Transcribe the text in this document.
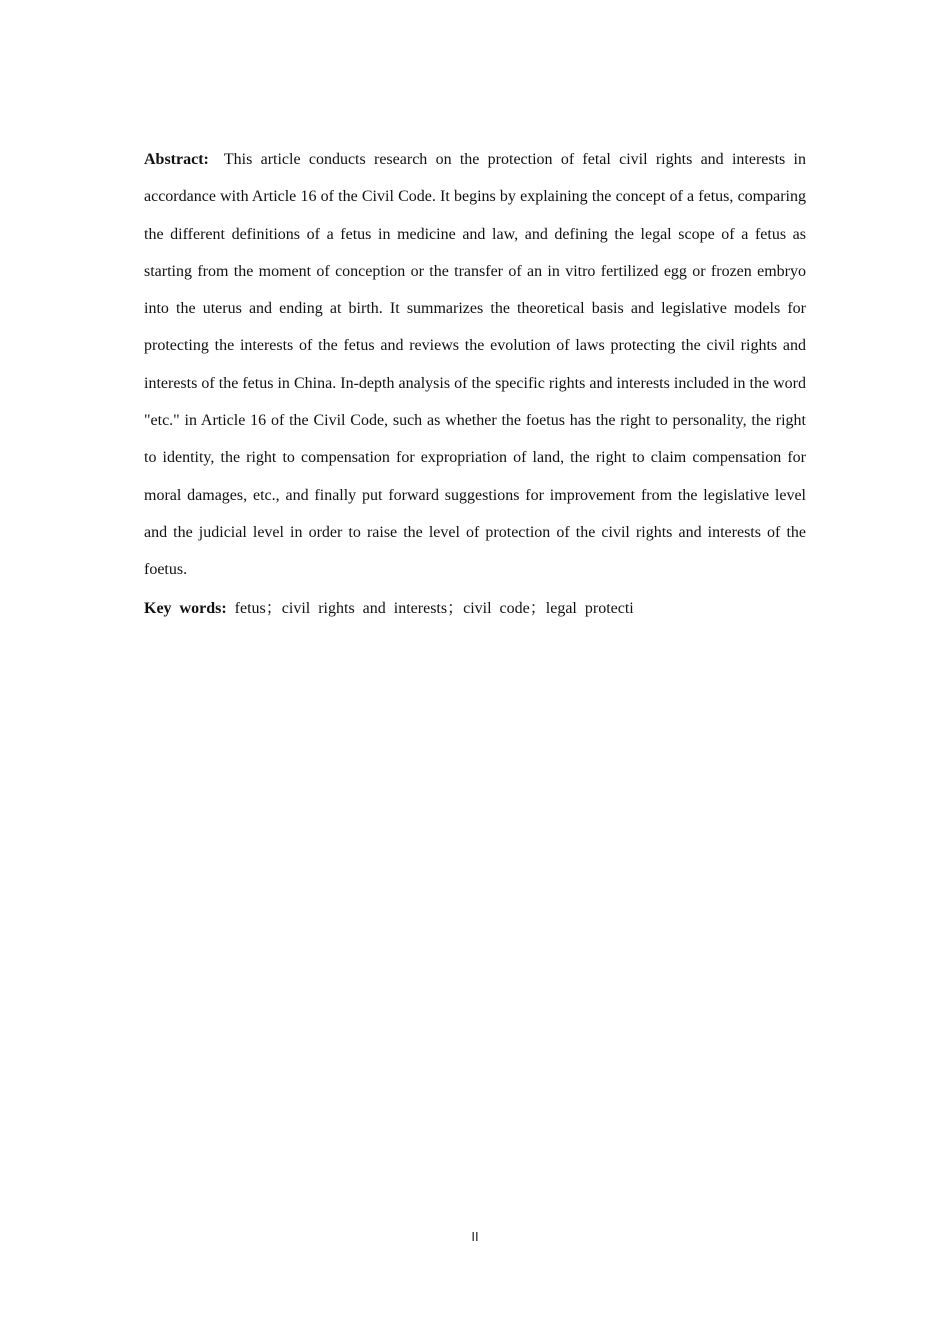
Abstract: This article conducts research on the protection of fetal civil rights and interests in accordance with Article 16 of the Civil Code. It begins by explaining the concept of a fetus, comparing the different definitions of a fetus in medicine and law, and defining the legal scope of a fetus as starting from the moment of conception or the transfer of an in vitro fertilized egg or frozen embryo into the uterus and ending at birth. It summarizes the theoretical basis and legislative models for protecting the interests of the fetus and reviews the evolution of laws protecting the civil rights and interests of the fetus in China. In-depth analysis of the specific rights and interests included in the word "etc." in Article 16 of the Civil Code, such as whether the foetus has the right to personality, the right to identity, the right to compensation for expropriation of land, the right to claim compensation for moral damages, etc., and finally put forward suggestions for improvement from the legislative level and the judicial level in order to raise the level of protection of the civil rights and interests of the foetus.

Key words: fetus；civil rights and interests；civil code；legal protecti

II
